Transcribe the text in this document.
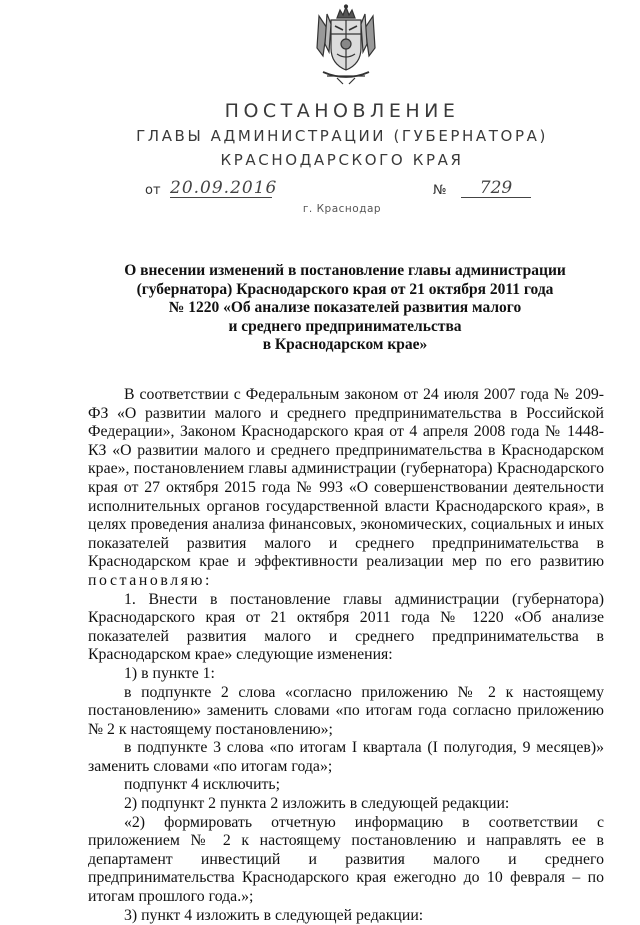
ПОСТАНОВЛЕНИЕ
ГЛАВЫ АДМИНИСТРАЦИИ (ГУБЕРНАТОРА)
КРАСНОДАРСКОГО КРАЯ
от 20.09.2016	№	729
г. Краснодар
О внесении изменений в постановление главы администрации
(губернатора) Краснодарского края от 21 октября 2011 года
№ 1220 «Об анализе показателей развития малого
и среднего предпринимательства
в Краснодарском крае»

В соответствии с Федеральным законом от 24 июля 2007 года № 209-ФЗ «О развитии малого и среднего предпринимательства в Российской Федерации», Законом Краснодарского края от 4 апреля 2008 года № 1448-КЗ «О развитии малого и среднего предпринимательства в Краснодарском крае», постановлением главы администрации (губернатора) Краснодарского края от 27 октября 2015 года № 993 «О совершенствовании деятельности исполнительных органов государственной власти Краснодарского края», в целях проведения анализа финансовых, экономических, социальных и иных показателей развития малого и среднего предпринимательства в Краснодарском крае и эффективности реализации мер по его развитию постановляю:

1. Внести в постановление главы администрации (губернатора) Краснодарского края от 21 октября 2011 года № 1220 «Об анализе показателей развития малого и среднего предпринимательства в Краснодарском крае» следующие изменения:

1) в пункте 1:

в подпункте 2 слова «согласно приложению № 2 к настоящему постановлению» заменить словами «по итогам года согласно приложению № 2 к настоящему постановлению»;

в подпункте 3 слова «по итогам I квартала (I полугодия, 9 месяцев)» заменить словами «по итогам года»;

подпункт 4 исключить;

2) подпункт 2 пункта 2 изложить в следующей редакции:

«2) формировать отчетную информацию в соответствии с приложением № 2 к настоящему постановлению и направлять ее в департамент инвестиций и развития малого и среднего предпринимательства Краснодарского края ежегодно до 10 февраля – по итогам прошлого года.»;

3) пункт 4 изложить в следующей редакции:
